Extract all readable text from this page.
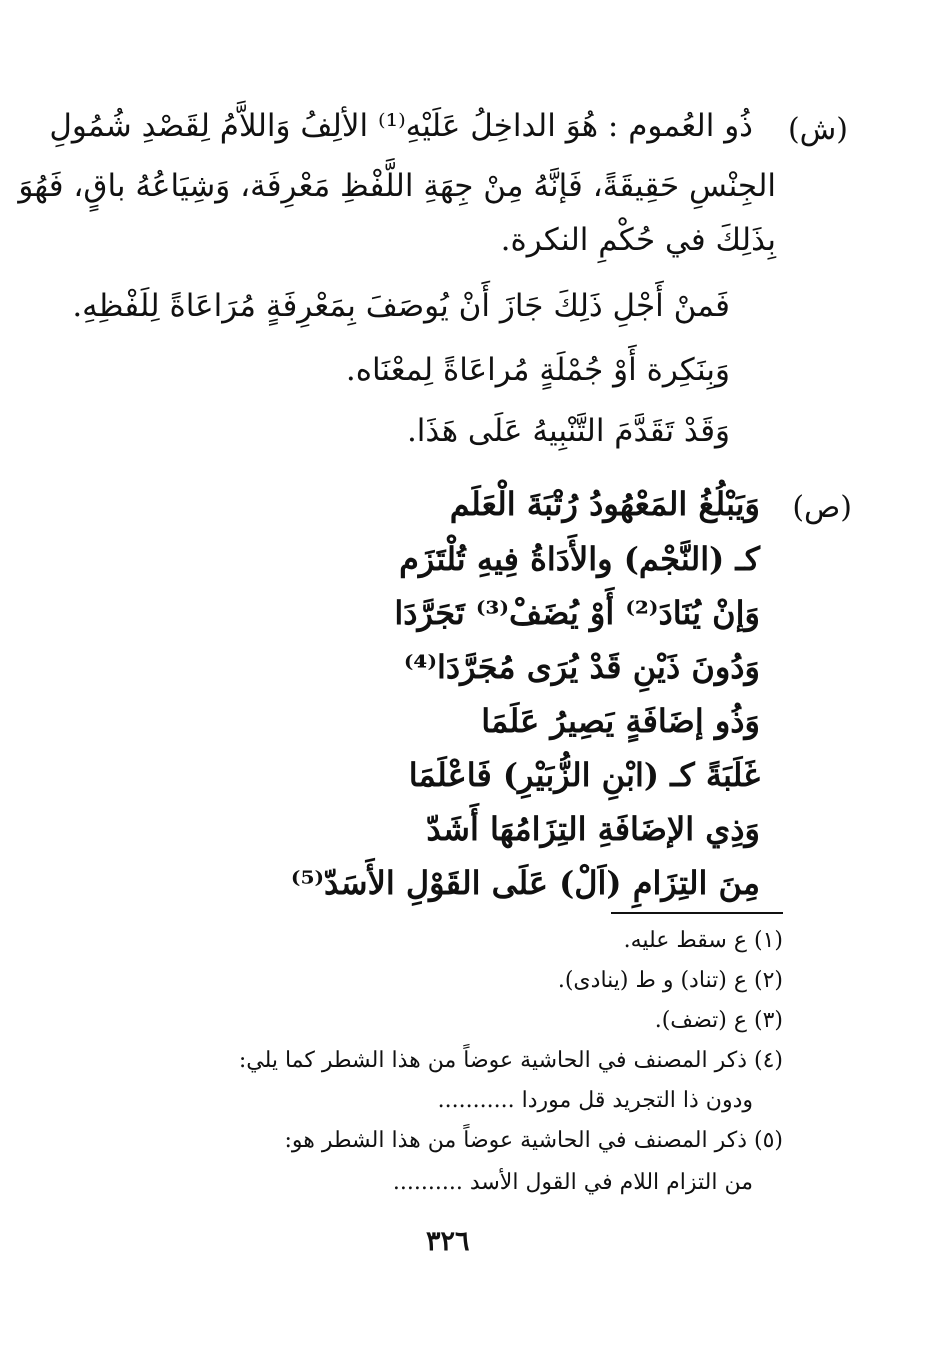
(ش)
ذُو العُموم : هُوَ الداخِلُ عَلَيْهِ⁽¹⁾ الألِفُ وَاللاَّمُ لِقَصْدِ شُمُولِ
الجِنْسِ حَقِيقَةً، فَإنَّهُ مِنْ جِهَةِ اللَّفْظِ مَعْرِفَة، وَشِيَاعُهُ باقٍ، فَهُوَ
بِذَلِكَ في حُكْمِ النكرة.
فَمنْ أَجْلِ ذَلِكَ جَازَ أَنْ يُوصَفَ بِمَعْرِفَةٍ مُرَاعَاةً لِلَفْظِهِ.
وَبِنَكِرة أَوْ جُمْلَةٍ مُراعَاةً لِمعْنَاه.
وَقَدْ تَقَدَّمَ التَّنْبِيهُ عَلَى هَذَا.
(ص)
وَيَبْلُغُ المَعْهُودُ رُتْبَةَ الْعَلَم
كـ (النَّجْم) والأَدَاةُ فِيهِ تُلْتَزَم
وَإنْ يُنَادَ⁽²⁾ أَوْ يُضَفْ⁽³⁾ تَجَرَّدَا
وَدُونَ ذَيْنِ قَدْ يُرَى مُجَرَّدَا⁽⁴⁾
وَذُو إضَافَةٍ يَصِيرُ عَلَمَا
غَلَبَةً كـ (ابْنِ الزُّبَيْرِ) فَاعْلَمَا
وَذِي الإضَافَةِ التِزَامُهَا أَشَدّ
مِنَ التِزَامِ (اَلْ) عَلَى القَوْلِ الأَسَدّ⁽⁵⁾
(١) ع سقط عليه.
(٢) ع (تناد) و ط (ينادى).
(٣) ع (تضف).
(٤) ذكر المصنف في الحاشية عوضاً من هذا الشطر كما يلي:
ودون ذا التجريد قل موردا ...........
(٥) ذكر المصنف في الحاشية عوضاً من هذا الشطر هو:
من التزام اللام في القول الأسد ..........
٣٢٦
